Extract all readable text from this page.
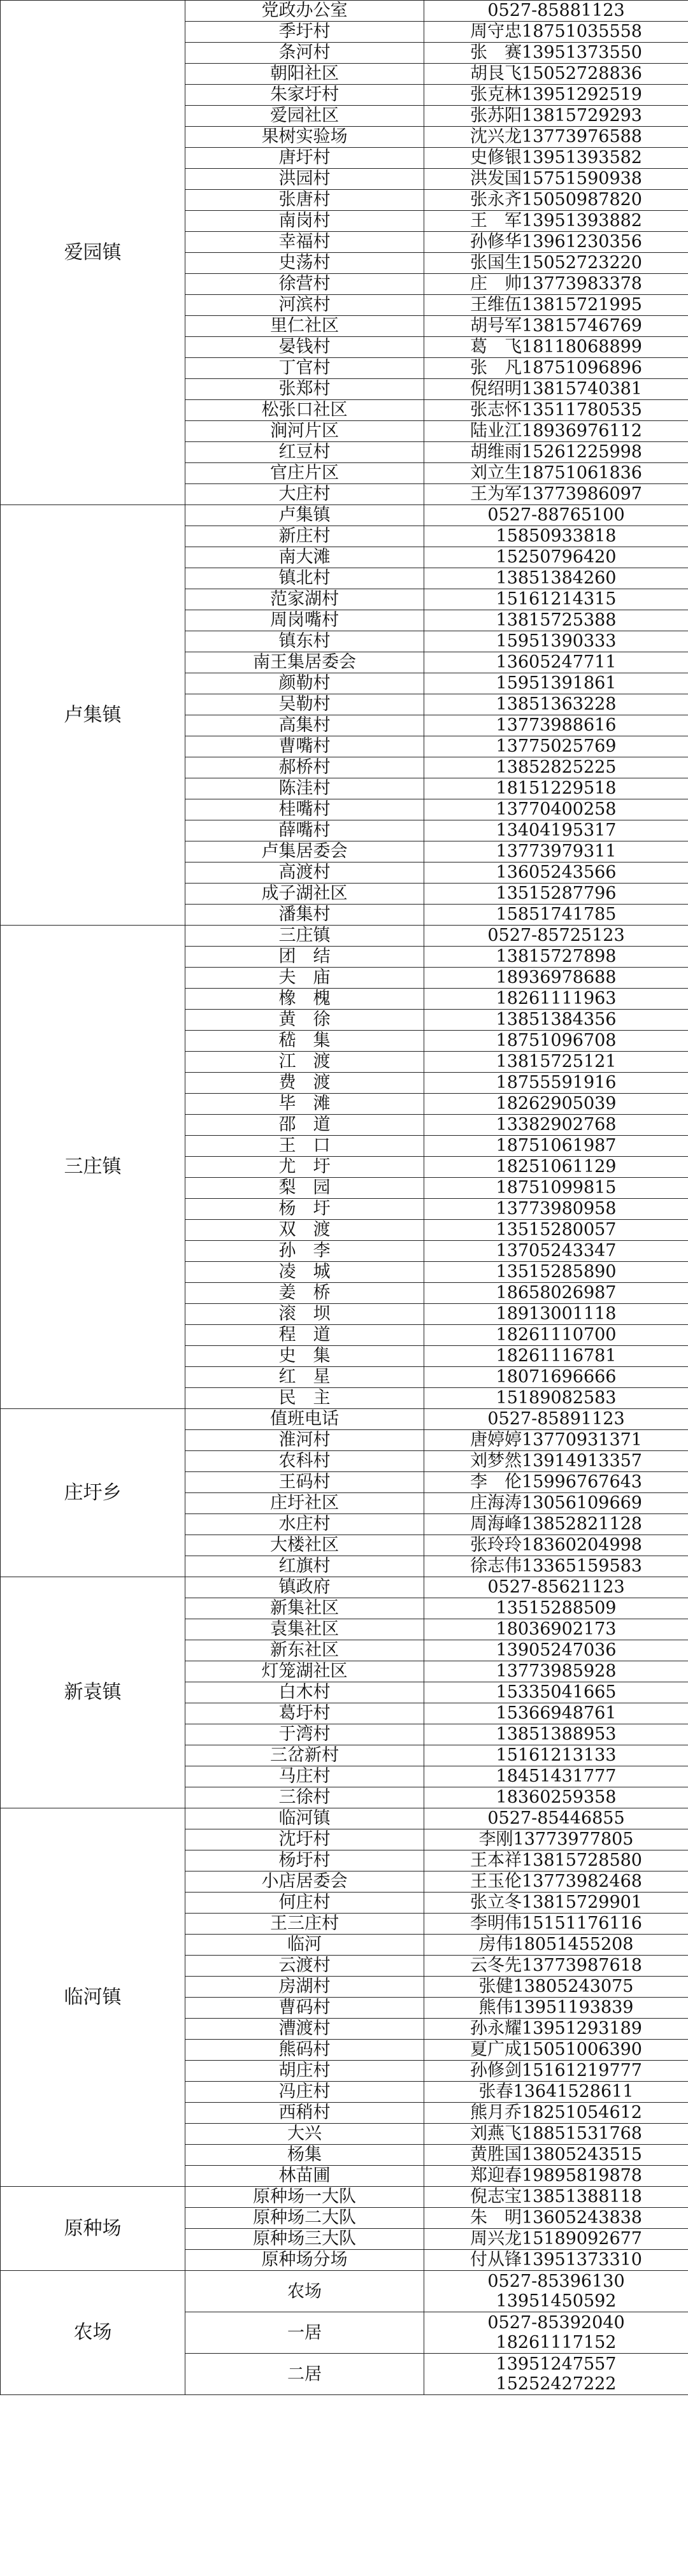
爱园镇	党政办公室	0527-85881123
	季圩村	周守忠18751035558
	条河村	张　赛13951373550
	朝阳社区	胡艮飞15052728836
	朱家圩村	张克林13951292519
	爱园社区	张苏阳13815729293
	果树实验场	沈兴龙13773976588
	唐圩村	史修银13951393582
	洪园村	洪发国15751590938
	张唐村	张永齐15050987820
	南岗村	王　军13951393882
	幸福村	孙修华13961230356
	史荡村	张国生15052723220
	徐营村	庄　帅13773983378
	河滨村	王维伍13815721995
	里仁社区	胡号军13815746769
	晏钱村	葛　飞18118068899
	丁官村	张　凡18751096896
	张郑村	倪绍明13815740381
	松张口社区	张志怀13511780535
	涧河片区	陆业江18936976112
	红豆村	胡维雨15261225998
	官庄片区	刘立生18751061836
	大庄村	王为军13773986097
卢集镇	卢集镇	0527-88765100
	新庄村	15850933818
	南大滩	15250796420
	镇北村	13851384260
	范家湖村	15161214315
	周岗嘴村	13815725388
	镇东村	15951390333
	南王集居委会	13605247711
	颜勒村	15951391861
	吴勒村	13851363228
	高集村	13773988616
	曹嘴村	13775025769
	郝桥村	13852825225
	陈洼村	18151229518
	桂嘴村	13770400258
	薛嘴村	13404195317
	卢集居委会	13773979311
	高渡村	13605243566
	成子湖社区	13515287796
	潘集村	15851741785
三庄镇	三庄镇	0527-85725123
	团　结	13815727898
	夫　庙	18936978688
	橡　槐	18261111963
	黄　徐	13851384356
	嵇　集	18751096708
	江　渡	13815725121
	费　渡	18755591916
	毕　滩	18262905039
	邵　道	13382902768
	王　口	18751061987
	尤　圩	18251061129
	梨　园	18751099815
	杨　圩	13773980958
	双　渡	13515280057
	孙　李	13705243347
	凌　城	13515285890
	姜　桥	18658026987
	滚　坝	18913001118
	程　道	18261110700
	史　集	18261116781
	红　星	18071696666
	民　主	15189082583
庄圩乡	值班电话	0527-85891123
	淮河村	唐婷婷13770931371
	农科村	刘梦然13914913357
	王码村	李　伦15996767643
	庄圩社区	庄海涛13056109669
	水庄村	周海峰13852821128
	大楼社区	张玲玲18360204998
	红旗村	徐志伟13365159583
新袁镇	镇政府	0527-85621123
	新集社区	13515288509
	袁集社区	18036902173
	新东社区	13905247036
	灯笼湖社区	13773985928
	白木村	15335041665
	葛圩村	15366948761
	于湾村	13851388953
	三岔新村	15161213133
	马庄村	18451431777
	三徐村	18360259358
临河镇	临河镇	0527-85446855
	沈圩村	李刚13773977805
	杨圩村	王本祥13815728580
	小店居委会	王玉伦13773982468
	何庄村	张立冬13815729901
	王三庄村	李明伟15151176116
	临河	房伟18051455208
	云渡村	云冬先13773987618
	房湖村	张健13805243075
	曹码村	熊伟13951193839
	漕渡村	孙永耀13951293189
	熊码村	夏广成15051006390
	胡庄村	孙修剑15161219777
	冯庄村	张春13641528611
	西稍村	熊月乔18251054612
	大兴	刘燕飞18851531768
	杨集	黄胜国13805243515
	林苗圃	郑迎春19895819878
原种场	原种场一大队	倪志宝13851388118
	原种场二大队	朱　明13605243838
	原种场三大队	周兴龙15189092677
	原种场分场	付从锋13951373310
农场	农场	0527-85396130
13951450592

	一居	0527-85392040
18261117152

	二居	13951247557
15252427222
